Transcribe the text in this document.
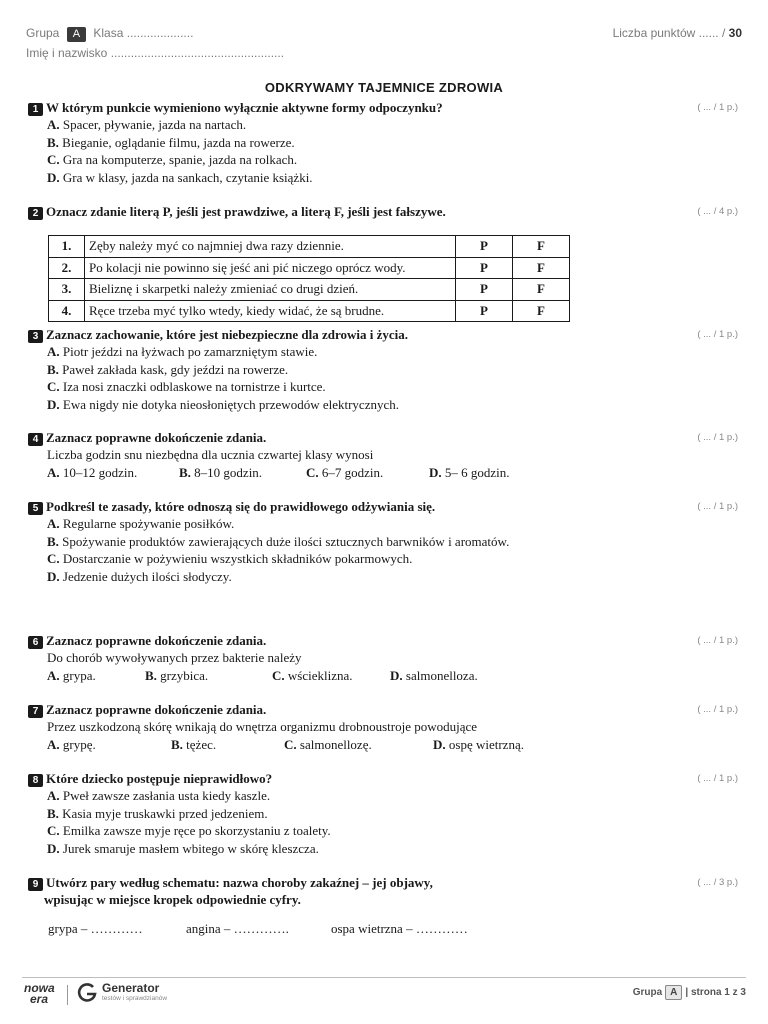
Grupa A Klasa ....................
Imię i nazwisko ....................................................
Liczba punktów ...... / 30
ODKRYWAMY TAJEMNICE ZDROWIA
1 W którym punkcie wymieniono wyłącznie aktywne formy odpoczynku?	( ... / 1 p.)
A. Spacer, pływanie, jazda na nartach.
B. Bieganie, oglądanie filmu, jazda na rowerze.
C. Gra na komputerze, spanie, jazda na rolkach.
D. Gra w klasy, jazda na sankach, czytanie książki.
2 Oznacz zdanie literą P, jeśli jest prawdziwe, a literą F, jeśli jest fałszywe.	( ... / 4 p.)
1.	Zęby należy myć co najmniej dwa razy dziennie.	P	F
2.	Po kolacji nie powinno się jeść ani pić niczego oprócz wody.	P	F
3.	Bieliznę i skarpetki należy zmieniać co drugi dzień.	P	F
4.	Ręce trzeba myć tylko wtedy, kiedy widać, że są brudne.	P	F
3 Zaznacz zachowanie, które jest niebezpieczne dla zdrowia i życia.	( ... / 1 p.)
A. Piotr jeździ na łyżwach po zamarzniętym stawie.
B. Paweł zakłada kask, gdy jeździ na rowerze.
C. Iza nosi znaczki odblaskowe na tornistrze i kurtce.
D. Ewa nigdy nie dotyka nieosłoniętych przewodów elektrycznych.
4 Zaznacz poprawne dokończenie zdania.	( ... / 1 p.)
Liczba godzin snu niezbędna dla ucznia czwartej klasy wynosi
A. 10–12 godzin.	B. 8–10 godzin.	C. 6–7 godzin.	D. 5– 6 godzin.
5 Podkreśl te zasady, które odnoszą się do prawidłowego odżywiania się.	( ... / 1 p.)
A. Regularne spożywanie posiłków.
B. Spożywanie produktów zawierających duże ilości sztucznych barwników i aromatów.
C. Dostarczanie w pożywieniu wszystkich składników pokarmowych.
D. Jedzenie dużych ilości słodyczy.
6 Zaznacz poprawne dokończenie zdania.	( ... / 1 p.)
Do chorób wywoływanych przez bakterie należy
A. grypa.	B. grzybica.	C. wścieklizna.	D. salmonelloza.
7 Zaznacz poprawne dokończenie zdania.	( ... / 1 p.)
Przez uszkodzoną skórę wnikają do wnętrza organizmu drobnoustroje powodujące
A. grypę.	B. tężec.	C. salmonellozę.	D. ospę wietrzną.
8 Które dziecko postępuje nieprawidłowo?	( ... / 1 p.)
A. Pweł zawsze zasłania usta kiedy kaszle.
B. Kasia myje truskawki przed jedzeniem.
C. Emilka zawsze myje ręce po skorzystaniu z toalety.
D. Jurek smaruje masłem wbitego w skórę kleszcza.
9 Utwórz pary według schematu: nazwa choroby zakaźnej – jej objawy,	( ... / 3 p.)
wpisując w miejsce kropek odpowiednie cyfry.
grypa – …………	angina – ………….	ospa wietrzna – …………
nowa
era
Generator
testów i sprawdzianów
Grupa A | strona 1 z 3
